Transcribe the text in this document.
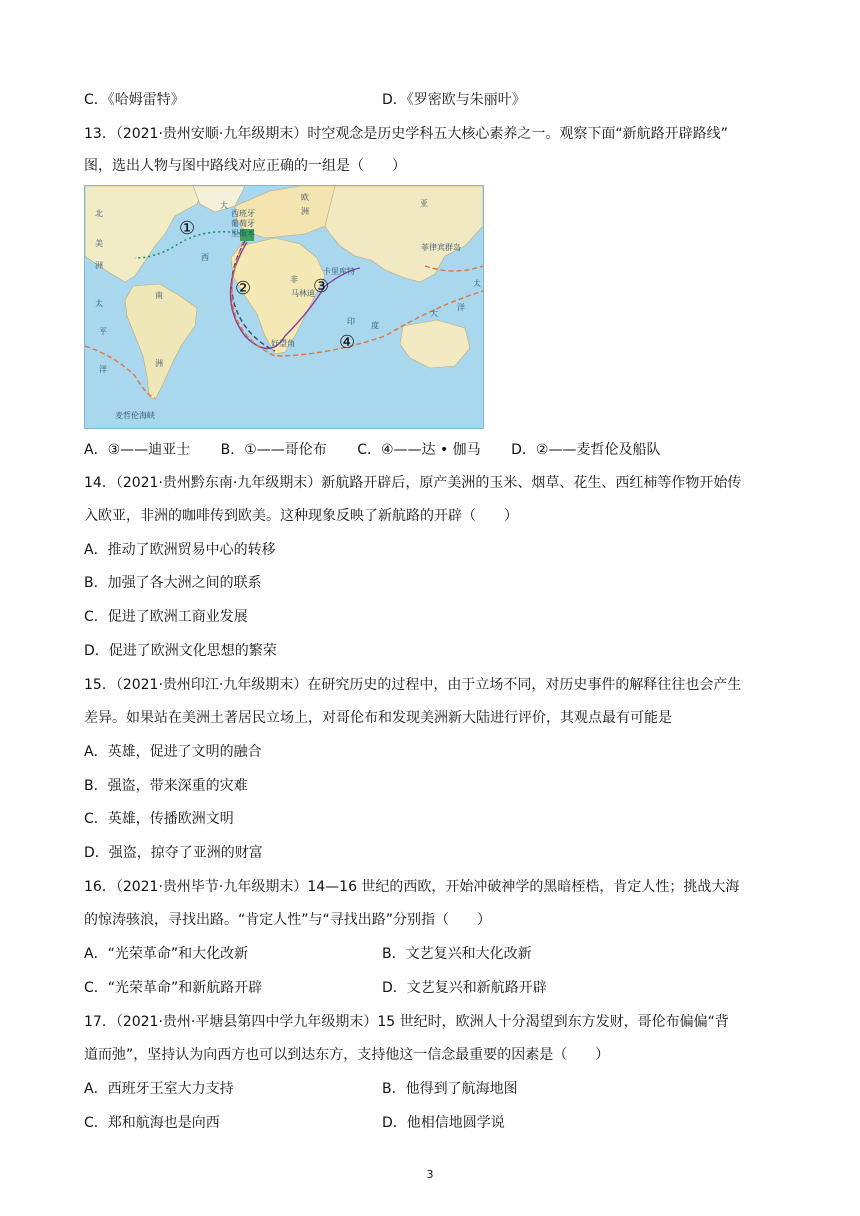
C．《哈姆雷特》	D．《罗密欧与朱丽叶》
13．（2021·贵州安顺·九年级期末）时空观念是历史学科五大核心素养之一。观察下面“新航路开辟路线”
图，选出人物与图中路线对应正确的一组是（　　）
北
美
洲
大
西
欧
洲
非
南
洲
亚
太
平
洋
太
大
洋
印 度
西班牙
葡萄牙
里斯本
卡里库特
马林迪
好望角
菲律宾群岛
麦哲伦海峡
①
②	③
④
A．③——迪亚士 B．①——哥伦布 C．④——达 • 伽马 D．②——麦哲伦及船队
14．（2021·贵州黔东南·九年级期末）新航路开辟后，原产美洲的玉米、烟草、花生、西红柿等作物开始传
入欧亚，非洲的咖啡传到欧美。这种现象反映了新航路的开辟（　　）
A．推动了欧洲贸易中心的转移
B．加强了各大洲之间的联系
C．促进了欧洲工商业发展
D．促进了欧洲文化思想的繁荣
15．（2021·贵州印江·九年级期末）在研究历史的过程中，由于立场不同，对历史事件的解释往往也会产生
差异。如果站在美洲土著居民立场上，对哥伦布和发现美洲新大陆进行评价，其观点最有可能是
A．英雄，促进了文明的融合
B．强盗，带来深重的灾难
C．英雄，传播欧洲文明
D．强盗，掠夺了亚洲的财富
16．（2021·贵州毕节·九年级期末）14—16 世纪的西欧，开始冲破神学的黑暗桎梏，肯定人性；挑战大海
的惊涛骇浪，寻找出路。“肯定人性”与“寻找出路”分别指（　　）
A．“光荣革命”和大化改新	B．文艺复兴和大化改新
C．“光荣革命”和新航路开辟	D．文艺复兴和新航路开辟
17．（2021·贵州·平塘县第四中学九年级期末）15 世纪时，欧洲人十分渴望到东方发财，哥伦布偏偏“背
道而弛”，坚持认为向西方也可以到达东方，支持他这一信念最重要的因素是（　　）
A．西班牙王室大力支持	B．他得到了航海地图
C．郑和航海也是向西	D．他相信地圆学说
3
